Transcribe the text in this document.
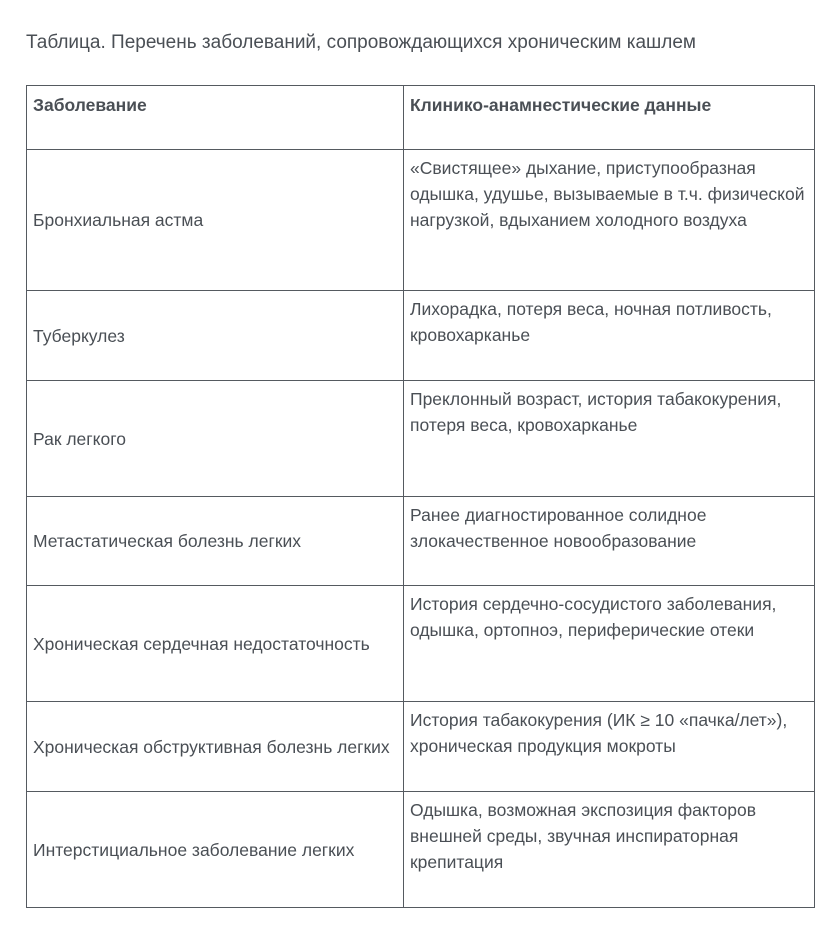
Таблица. Перечень заболеваний, сопровождающихся хроническим кашлем
Заболевание	Клинико-анамнестические данные
Бронхиальная астма	«Свистящее» дыхание, приступообразная одышка, удушье, вызываемые в т.ч. физической нагрузкой, вдыханием холодного воздуха
Туберкулез	Лихорадка, потеря веса, ночная потливость, кровохарканье
Рак легкого	Преклонный возраст, история табакокурения, потеря веса, кровохарканье
Метастатическая болезнь легких	Ранее диагностированное солидное злокачественное новообразование
Хроническая сердечная недостаточность	История сердечно-сосудистого заболевания, одышка, ортопноэ, периферические отеки
Хроническая обструктивная болезнь легких	История табакокурения (ИК ≥ 10 «пачка/лет»), хроническая продукция мокроты
Интерстициальное заболевание легких	Одышка, возможная экспозиция факторов внешней среды, звучная инспираторная крепитация
